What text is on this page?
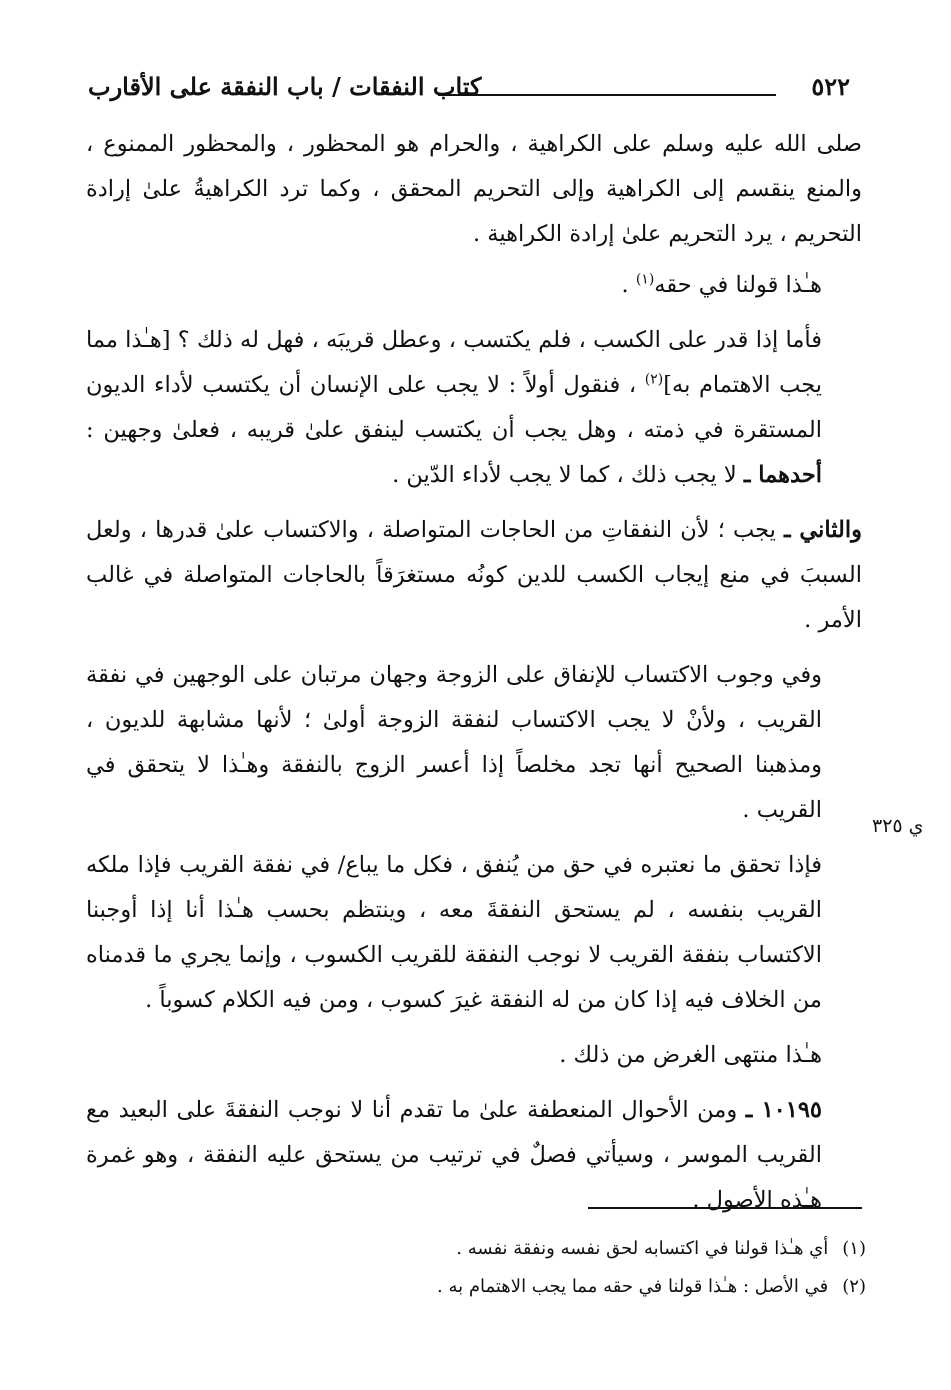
٥٢٢
كتاب النفقات / باب النفقة على الأقارب
ي ٣٢٥

صلى الله عليه وسلم على الكراهية ، والحرام هو المحظور ، والمحظور الممنوع ، والمنع ينقسم إلى الكراهية وإلى التحريم المحقق ، وكما ترد الكراهيةُ علىٰ إرادة التحريم ، يرد التحريم علىٰ إرادة الكراهية .

هـٰذا قولنا في حقه$^{(١)}$ .

فأما إذا قدر على الكسب ، فلم يكتسب ، وعطل قريبَه ، فهل له ذلك ؟ [هـٰذا مما يجب الاهتمام به]$^{(٢)}$ ، فنقول أولاً : لا يجب على الإنسان أن يكتسب لأداء الديون المستقرة في ذمته ، وهل يجب أن يكتسب لينفق علىٰ قريبه ، فعلىٰ وجهين : أحدهما ـ لا يجب ذلك ، كما لا يجب لأداء الدّين .

والثاني ـ يجب ؛ لأن النفقاتِ من الحاجات المتواصلة ، والاكتساب علىٰ قدرها ، ولعل السببَ في منع إيجاب الكسب للدين كونُه مستغرَقاً بالحاجات المتواصلة في غالب الأمر .

وفي وجوب الاكتساب للإنفاق على الزوجة وجهان مرتبان على الوجهين في نفقة القريب ، ولأنْ لا يجب الاكتساب لنفقة الزوجة أولىٰ ؛ لأنها مشابهة للديون ، ومذهبنا الصحيح أنها تجد مخلصاً إذا أعسر الزوج بالنفقة وهـٰذا لا يتحقق في القريب .

فإذا تحقق ما نعتبره في حق من يُنفق ، فكل ما يباع/ في نفقة القريب فإذا ملكه القريب بنفسه ، لم يستحق النفقةَ معه ، وينتظم بحسب هـٰذا أنا إذا أوجبنا الاكتساب بنفقة القريب لا نوجب النفقة للقريب الكسوب ، وإنما يجري ما قدمناه من الخلاف فيه إذا كان من له النفقة غيرَ كسوب ، ومن فيه الكلام كسوباً .

هـٰذا منتهى الغرض من ذلك .

١٠١٩٥ ـ ومن الأحوال المنعطفة علىٰ ما تقدم أنا لا نوجب النفقةَ على البعيد مع القريب الموسر ، وسيأتي فصلٌ في ترتيب من يستحق عليه النفقة ، وهو غمرة هـٰذه الأصول .

(١)أي هـٰذا قولنا في اكتسابه لحق نفسه ونفقة نفسه .
(٢)في الأصل : هـٰذا قولنا في حقه مما يجب الاهتمام به .
